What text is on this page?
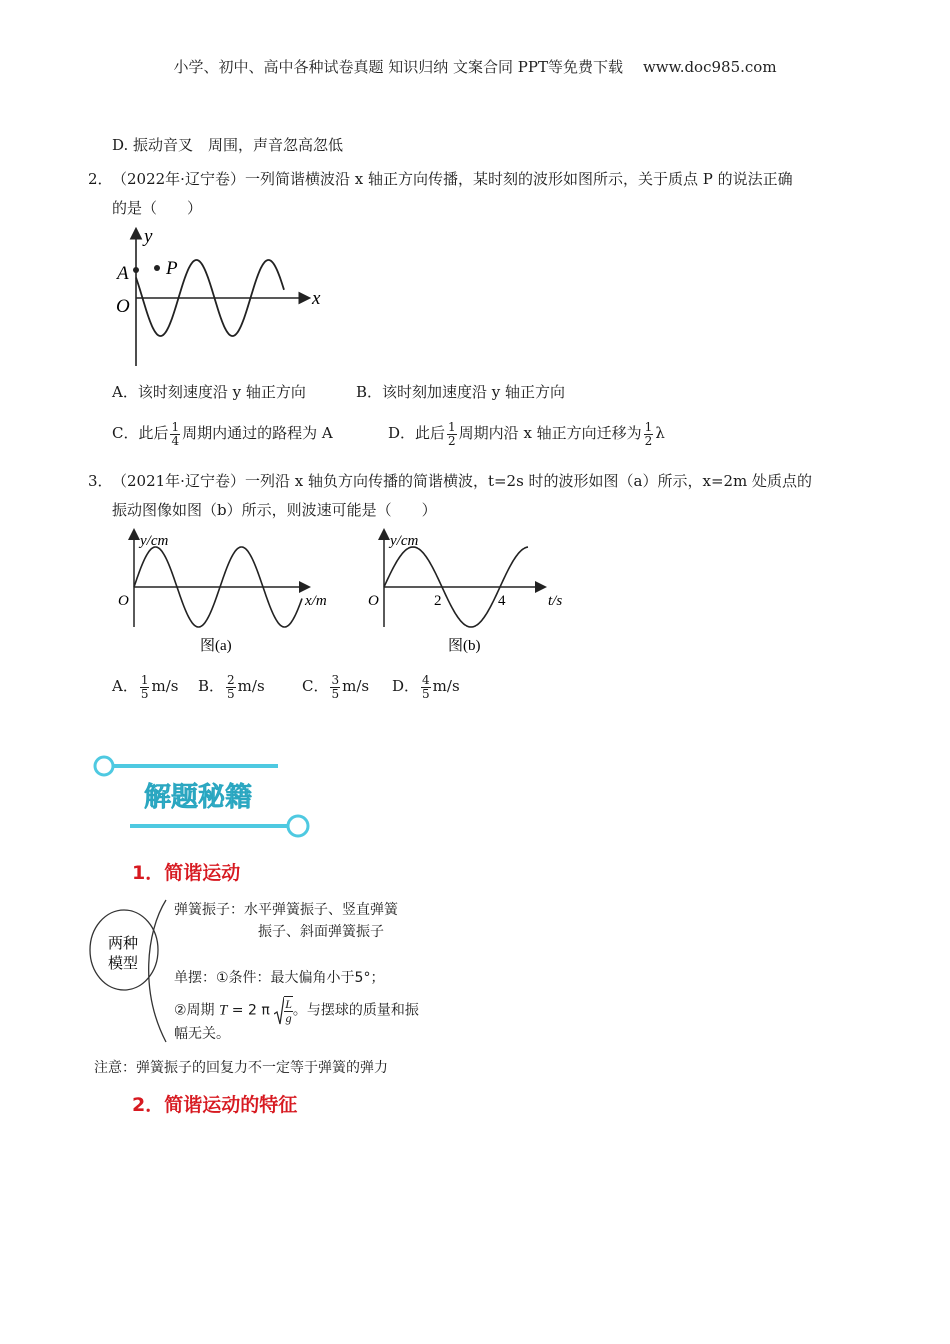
小学、初中、高中各种试卷真题 知识归纳 文案合同 PPT等免费下载 www.doc985.com
D. 振动音叉　周围，声音忽高忽低
2． （2022年·辽宁卷）一列简谐横波沿 x 轴正方向传播，某时刻的波形如图所示，关于质点 P 的说法正确
的是（　　）
y
x
A P
O
A．该时刻速度沿 y 轴正方向	B．该时刻加速度沿 y 轴正方向
C．此后 $\frac{1}{4}$ 周期内通过的路程为 A	D．此后 $\frac{1}{2}$ 周期内沿 x 轴正方向迁移为 $\frac{1}{2}$ λ
3． （2021年·辽宁卷）一列沿 x 轴负方向传播的简谐横波，t=2s 时的波形如图（a）所示，x=2m 处质点的
振动图像如图（b）所示，则波速可能是（　　）
y/cm
x/m
O
图(a)
y/cm
t/s
O	2	4
图(b)
A． $\frac{1}{5} m/s$ B． $\frac{2}{5} m/s$ C． $\frac{3}{5} m/s$ D． $\frac{4}{5} m/s$
解题秘籍
1．简谐运动
两种
模型
弹簧振子：水平弹簧振子、竖直弹簧
振子、斜面弹簧振子
单摆：①条件：最大偏角小于5°；
②周期 T = 2 π $\frac{L}{g}$ 。与摆球的质量和振
幅无关。
注意：弹簧振子的回复力不一定等于弹簧的弹力
2．简谐运动的特征
